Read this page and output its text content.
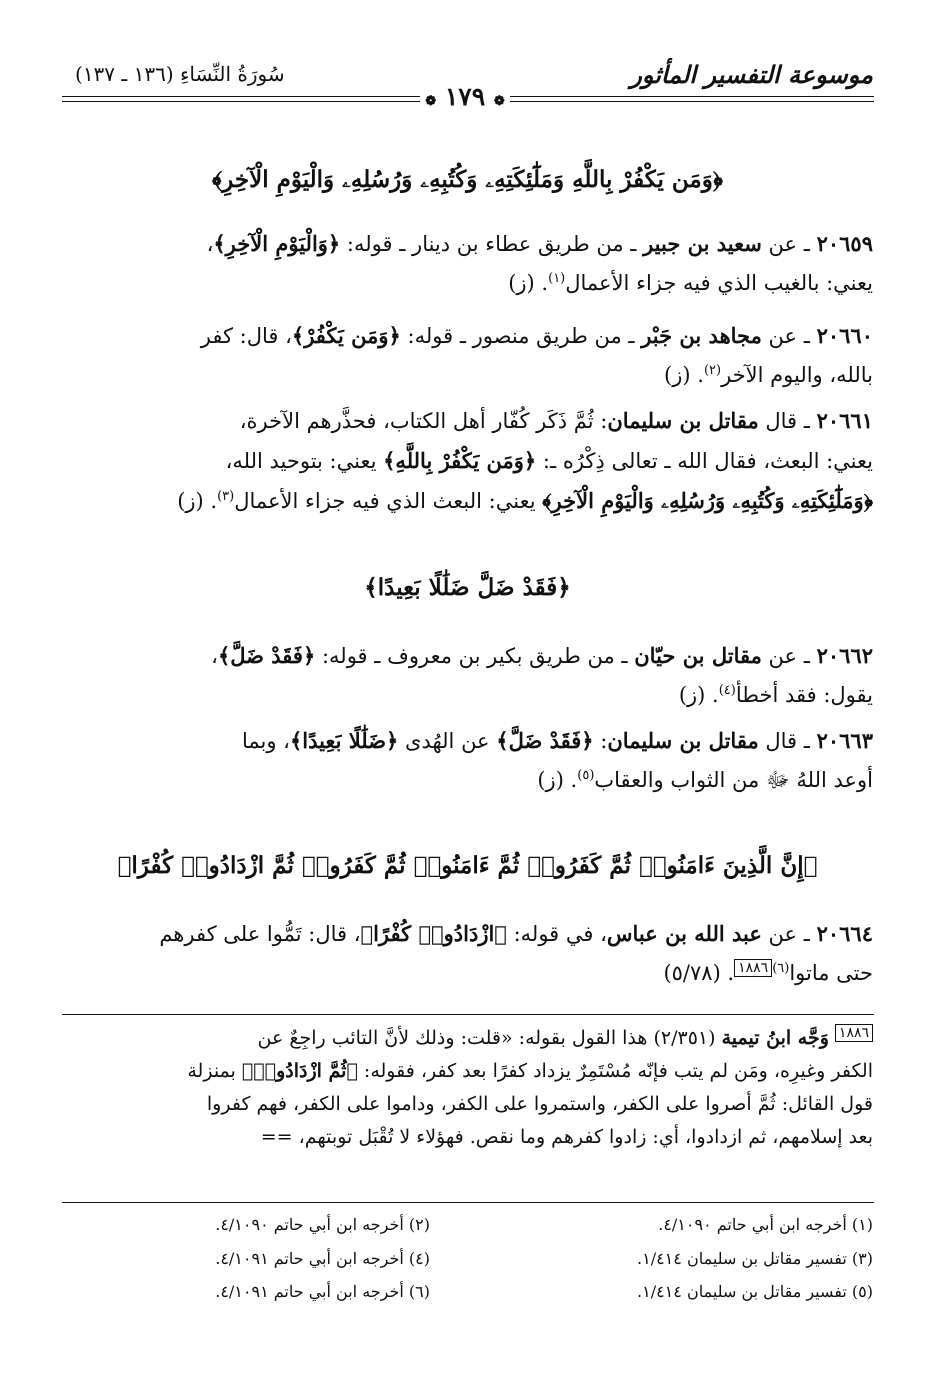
موسوعة التفسير المأثور
سُورَةُ النِّسَاءِ (١٣٦ ـ ١٣٧)
❁ ١٧٩ ❁
﴿وَمَن يَكْفُرْ بِاللَّهِ وَمَلَٰٓئِكَتِهِۦ وَكُتُبِهِۦ وَرُسُلِهِۦ وَالْيَوْمِ الْآخِرِ﴾
٢٠٦٥٩ ـ عن سعيد بن جبير ـ من طريق عطاء بن دينار ـ قوله: ﴿وَالْيَوْمِ الْآخِرِ﴾،
يعني: بالغيب الذي فيه جزاء الأعمال$^{(١)}$. (ز)
٢٠٦٦٠ ـ عن مجاهد بن جَبْر ـ من طريق منصور ـ قوله: ﴿وَمَن يَكْفُرْ﴾، قال: كفر
بالله، واليوم الآخر$^{(٢)}$. (ز)
٢٠٦٦١ ـ قال مقاتل بن سليمان: ثُمَّ ذَكَر كُفّار أهل الكتاب، فحذَّرهم الآخرة،
يعني: البعث، فقال الله ـ تعالى ذِكْرُه ـ: ﴿وَمَن يَكْفُرْ بِاللَّهِ﴾ يعني: بتوحيد الله،
﴿وَمَلَٰٓئِكَتِهِۦ وَكُتُبِهِۦ وَرُسُلِهِۦ وَالْيَوْمِ الْآخِرِ﴾ يعني: البعث الذي فيه جزاء الأعمال$^{(٣)}$. (ز)
﴿فَقَدْ ضَلَّ ضَلَٰلًا بَعِيدًا﴾
٢٠٦٦٢ ـ عن مقاتل بن حيّان ـ من طريق بكير بن معروف ـ قوله: ﴿فَقَدْ ضَلَّ﴾،
يقول: فقد أخطأ$^{(٤)}$. (ز)
٢٠٦٦٣ ـ قال مقاتل بن سليمان: ﴿فَقَدْ ضَلَّ﴾ عن الهُدى ﴿ضَلَٰلًا بَعِيدًا﴾، وبما
أوعد اللهُ ﷻ من الثواب والعقاب$^{(٥)}$. (ز)
﴿إِنَّ الَّذِينَ ءَامَنُوا۟ ثُمَّ كَفَرُوا۟ ثُمَّ ءَامَنُوا۟ ثُمَّ كَفَرُوا۟ ثُمَّ ازْدَادُوا۟ كُفْرًا﴾
٢٠٦٦٤ ـ عن عبد الله بن عباس، في قوله: ﴿ازْدَادُوا۟ كُفْرًا﴾، قال: تَمُّوا على كفرهم
حتى ماتوا$^{(٦)١٨٨٦}$. (٥/٧٨)
$^{١٨٨٦}$ وَجَّه ابنُ تيمية (٢/٣٥١) هذا القول بقوله: «قلت: وذلك لأنَّ التائب راجِعٌ عن
الكفر وغيرِه، ومَن لم يتب فإنّه مُسْتَمِرٌ يزداد كفرًا بعد كفر، فقوله: ﴿ثُمَّ ازْدَادُوا۟﴾ بمنزلة
قول القائل: ثُمَّ أصروا على الكفر، واستمروا على الكفر، وداموا على الكفر، فهم كفروا
بعد إسلامهم، ثم ازدادوا، أي: زادوا كفرهم وما نقص. فهؤلاء لا تُقْبَل توبتهم، ==
(١) أخرجه ابن أبي حاتم ٤/١٠٩٠.
(٢) أخرجه ابن أبي حاتم ٤/١٠٩٠.
(٣) تفسير مقاتل بن سليمان ١/٤١٤.
(٤) أخرجه ابن أبي حاتم ٤/١٠٩١.
(٥) تفسير مقاتل بن سليمان ١/٤١٤.
(٦) أخرجه ابن أبي حاتم ٤/١٠٩١.
